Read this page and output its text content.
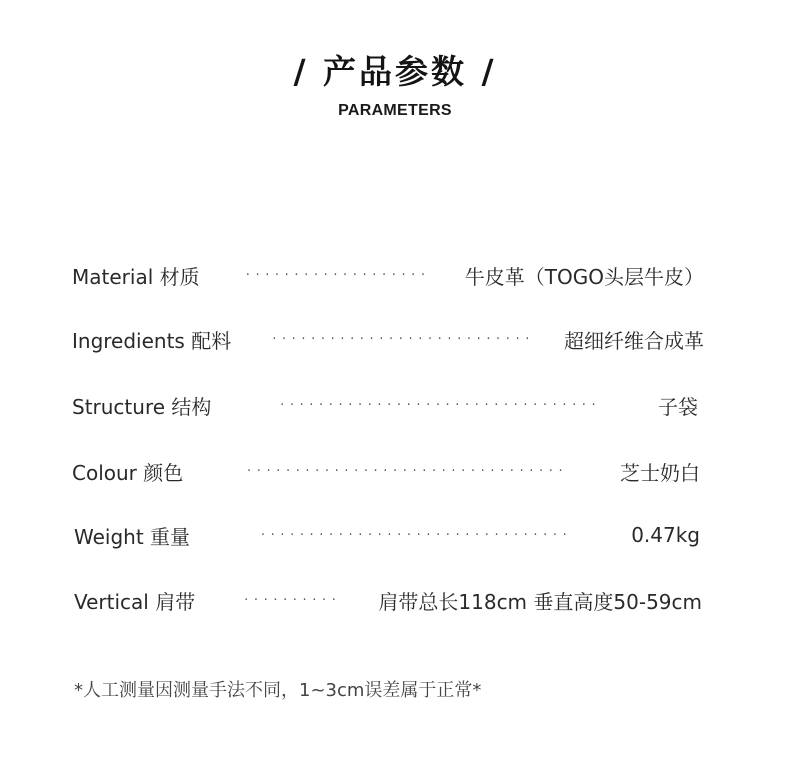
/ 产品参数 /
PARAMETERS
Material 材质	···················	牛皮革（TOGO头层牛皮）
Ingredients 配料	···························	超细纤维合成革
Structure 结构	·································	子袋
Colour 颜色	·································	芝士奶白
Weight 重量	································	0.47kg
Vertical 肩带	··········	肩带总长118cm 垂直高度50-59cm
*人工测量因测量手法不同，1~3cm误差属于正常*
